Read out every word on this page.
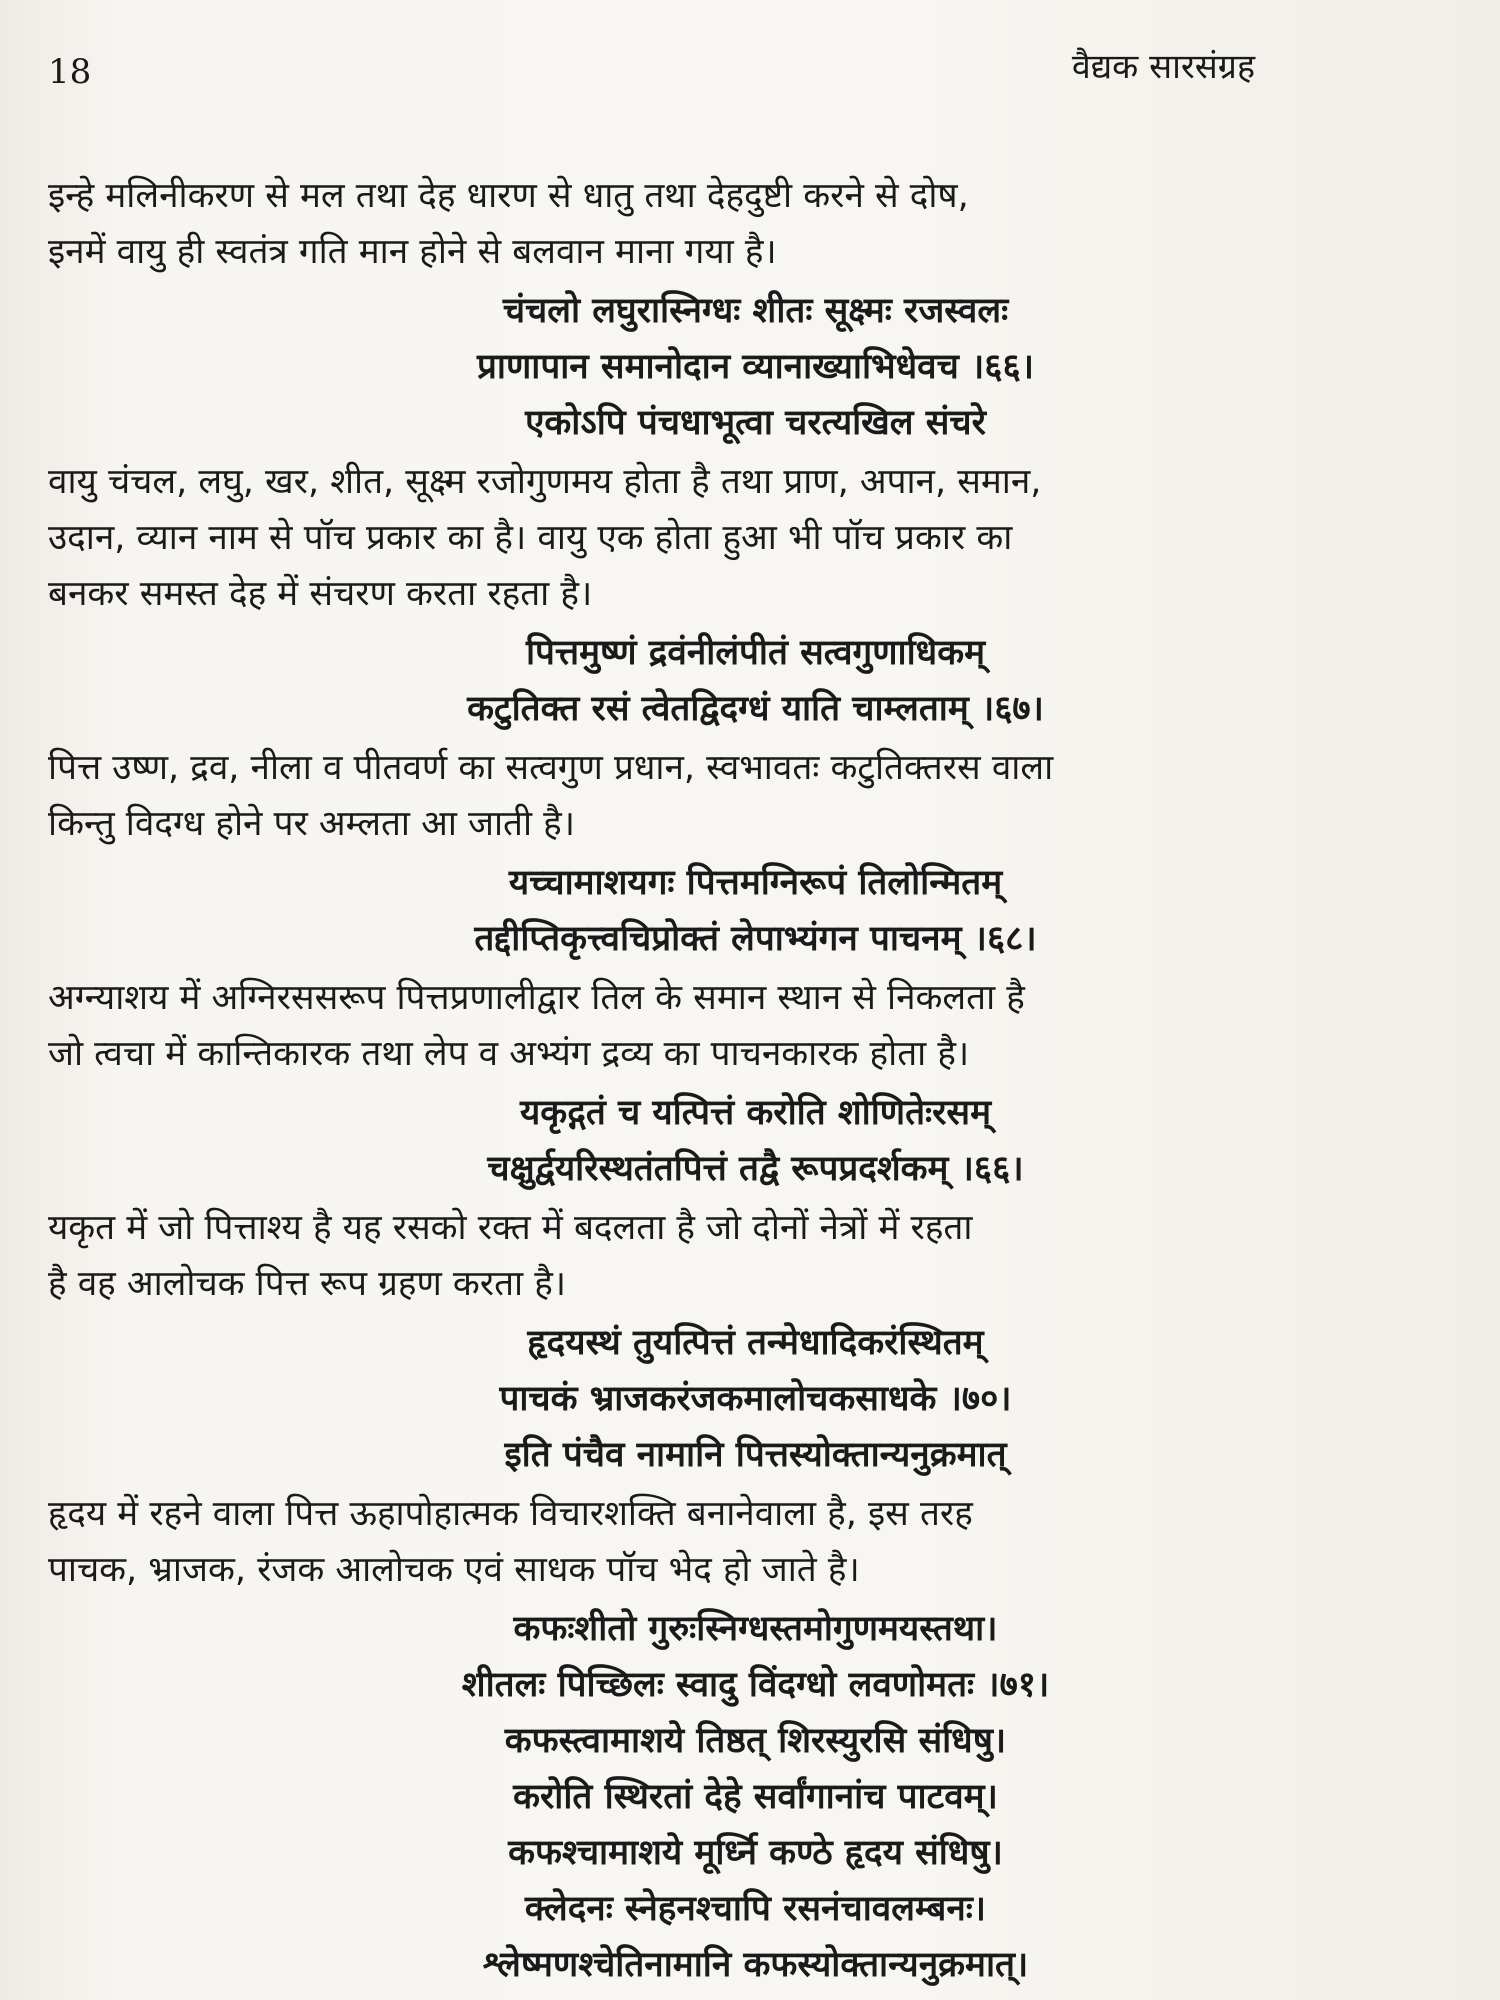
18	वैद्यक सारसंग्रह

इन्हे मलिनीकरण से मल तथा देह धारण से धातु तथा देहदुष्टी करने से दोष,

इनमें वायु ही स्वतंत्र गति मान होने से बलवान माना गया है।

चंचलो लघुरास्निग्धः शीतः सूक्ष्मः रजस्वलः

प्राणापान समानोदान व्यानाख्याभिधेवच ।६६।

एकोऽपि पंचधाभूत्वा चरत्यखिल संचरे

वायु चंचल, लघु, खर, शीत, सूक्ष्म रजोगुणमय होता है तथा प्राण, अपान, समान,

उदान, व्यान नाम से पॉच प्रकार का है। वायु एक होता हुआ भी पॉच प्रकार का

बनकर समस्त देह में संचरण करता रहता है।

पित्तमुष्णं द्रवंनीलंपीतं सत्वगुणाधिकम्

कटुतिक्त रसं त्वेतद्विदग्धं याति चाम्लताम् ।६७।

पित्त उष्ण, द्रव, नीला व पीतवर्ण का सत्वगुण प्रधान, स्वभावतः कटुतिक्तरस वाला

किन्तु विदग्ध होने पर अम्लता आ जाती है।

यच्चामाशयगः पित्तमग्निरूपं तिलोन्मितम्

तद्दीप्तिकृत्त्वचिप्रोक्तं लेपाभ्यंगन पाचनम् ।६८।

अग्न्याशय में अग्निरससरूप पित्तप्रणालीद्वार तिल के समान स्थान से निकलता है

जो त्वचा में कान्तिकारक तथा लेप व अभ्यंग द्रव्य का पाचनकारक होता है।

यकृद्गतं च यत्पित्तं करोति शोणितेःरसम्

चक्षुर्द्वयरिस्थतंतपित्तं तद्वै रूपप्रदर्शकम् ।६६।

यकृत में जो पित्ताश्य है यह रसको रक्त में बदलता है जो दोनों नेत्रों में रहता

है वह आलोचक पित्त रूप ग्रहण करता है।

हृदयस्थं तुयत्पित्तं तन्मेधादिकरंस्थितम्

पाचकं भ्राजकरंजकमालोचकसाधके ।७०।

इति पंचैव नामानि पित्तस्योक्तान्यनुक्रमात्

हृदय में रहने वाला पित्त ऊहापोहात्मक विचारशक्ति बनानेवाला है, इस तरह

पाचक, भ्राजक, रंजक आलोचक एवं साधक पॉच भेद हो जाते है।

कफःशीतो गुरुःस्निग्धस्तमोगुणमयस्तथा।

शीतलः पिच्छिलः स्वादु विंदग्धो लवणोमतः ।७१।

कफस्त्वामाशये तिष्ठत् शिरस्युरसि संधिषु।

करोति स्थिरतां देहे सर्वांगानांच पाटवम्।

कफश्चामाशये मूर्ध्नि कण्ठे हृदय संधिषु।

क्लेदनः स्नेहनश्चापि रसनंचावलम्बनः।

श्लेष्मणश्चेतिनामानि कफस्योक्तान्यनुक्रमात्।
